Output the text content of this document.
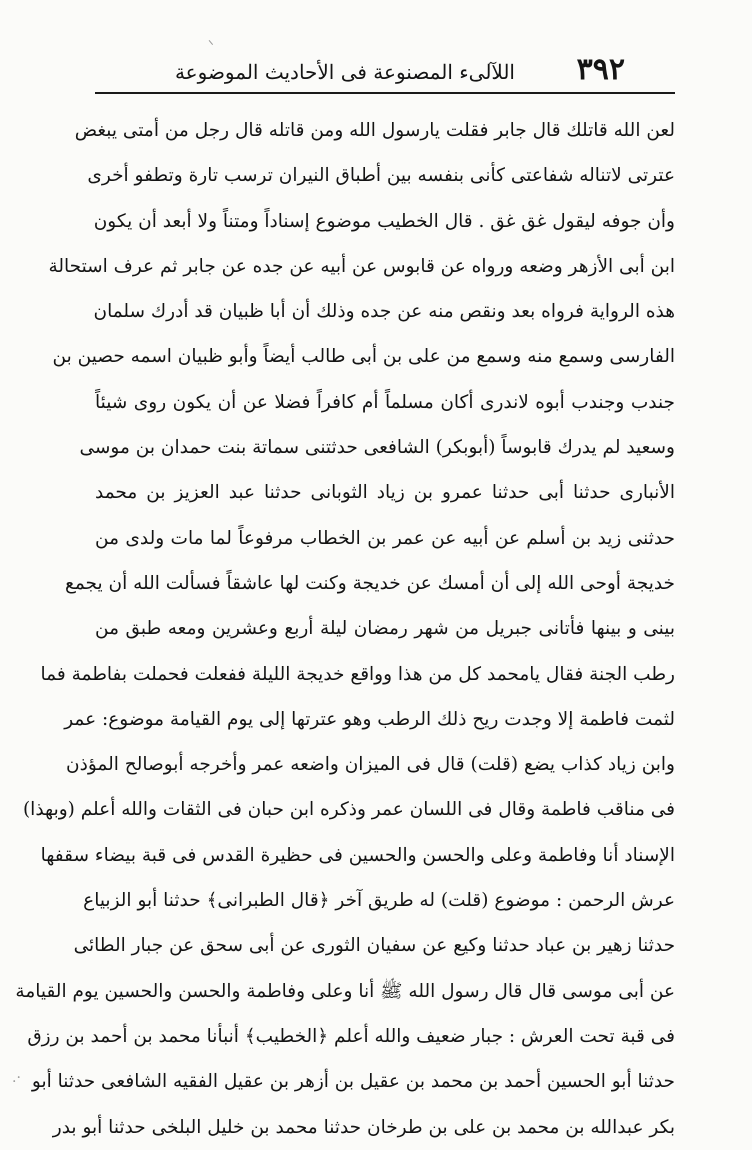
ᐠ
٣٩٢
اللآلىء المصنوعة فى الأحاديث الموضوعة
لعن الله قاتلك قال جابر فقلت يارسول الله ومن قاتله قال رجل من أمتى يبغض
عترتى لاتناله شفاعتى كأنى بنفسه بين أطباق النيران ترسب تارة وتطفو أخرى
وأن جوفه ليقول غق غق . قال الخطيب موضوع إسناداً ومتناً ولا أبعد أن يكون
ابن أبى الأزهر وضعه ورواه عن قابوس عن أبيه عن جده عن جابر ثم عرف استحالة
هذه الرواية فرواه بعد ونقص منه عن جده وذلك أن أبا ظبيان قد أدرك سلمان
الفارسى وسمع منه وسمع من على بن أبى طالب أيضاً وأبو ظبيان اسمه حصين بن
جندب وجندب أبوه لاندرى أكان مسلماً أم كافراً فضلا عن أن يكون روى شيئاً
وسعيد لم يدرك قابوساً (أبوبكر) الشافعى حدثتنى سماتة بنت حمدان بن موسى
الأنبارى حدثنا أبى حدثنا عمرو بن زياد الثوبانى حدثنا عبد العزيز بن محمد
حدثنى زيد بن أسلم عن أبيه عن عمر بن الخطاب مرفوعاً لما مات ولدى من
خديجة أوحى الله إلى أن أمسك عن خديجة وكنت لها عاشقاً فسألت الله أن يجمع
بينى و بينها فأتانى جبريل من شهر رمضان ليلة أربع وعشرين ومعه طبق من
رطب الجنة فقال يامحمد كل من هذا وواقع خديجة الليلة ففعلت فحملت بفاطمة فما
لثمت فاطمة إلا وجدت ريح ذلك الرطب وهو عترتها إلى يوم القيامة موضوع: عمر
وابن زياد كذاب يضع (قلت) قال فى الميزان واضعه عمر وأخرجه أبوصالح المؤذن
فى مناقب فاطمة وقال فى اللسان عمر وذكره ابن حبان فى الثقات والله أعلم (وبهذا)
الإسناد أنا وفاطمة وعلى والحسن والحسين فى حظيرة القدس فى قبة بيضاء سقفها
عرش الرحمن : موضوع (قلت) له طريق آخر ﴿قال الطبرانى﴾ حدثنا أبو الزبياع
حدثنا زهير بن عباد حدثنا وكيع عن سفيان الثورى عن أبى سحق عن جبار الطائى
عن أبى موسى قال قال رسول الله ﷺ أنا وعلى وفاطمة والحسن والحسين يوم القيامة
فى قبة تحت العرش : جبار ضعيف والله أعلم ﴿الخطيب﴾ أنبأنا محمد بن أحمد بن رزق
حدثنا أبو الحسين أحمد بن محمد بن عقيل بن أزهر بن عقيل الفقيه الشافعى حدثنا أبو
بكر عبدالله بن محمد بن على بن طرخان حدثنا محمد بن خليل البلخى حدثنا أبو بدر
.·
